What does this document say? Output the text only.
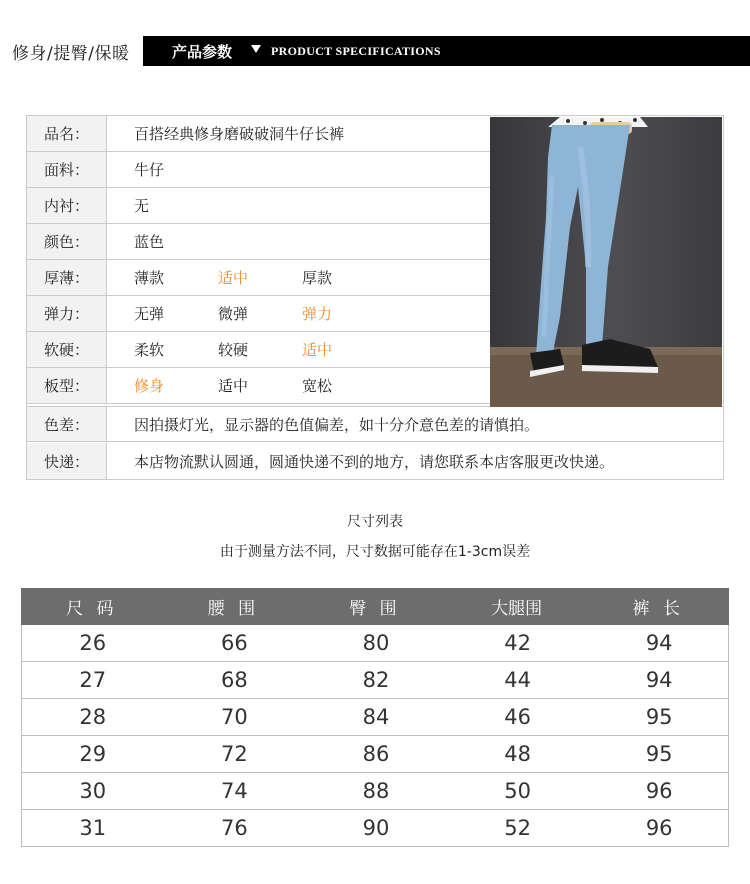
修身/提臀/保暖	产品参数	PRODUCT SPECIFICATIONS
品名：	百搭经典修身磨破破洞牛仔长裤
面料：	牛仔
内衬：	无
颜色：	蓝色
厚薄：	薄款	适中	厚款
弹力：	无弹	微弹	弹力
软硬：	柔软	较硬	适中
板型：	修身	适中	宽松
色差：	因拍摄灯光，显示器的色值偏差，如十分介意色差的请慎拍。
快递：	本店物流默认圆通，圆通快递不到的地方，请您联系本店客服更改快递。
尺寸列表
由于测量方法不同，尺寸数据可能存在1-3cm误差
尺 码	腰 围	臀 围	大腿围	裤 长
26	66	80	42	94
27	68	82	44	94
28	70	84	46	95
29	72	86	48	95
30	74	88	50	96
31	76	90	52	96
